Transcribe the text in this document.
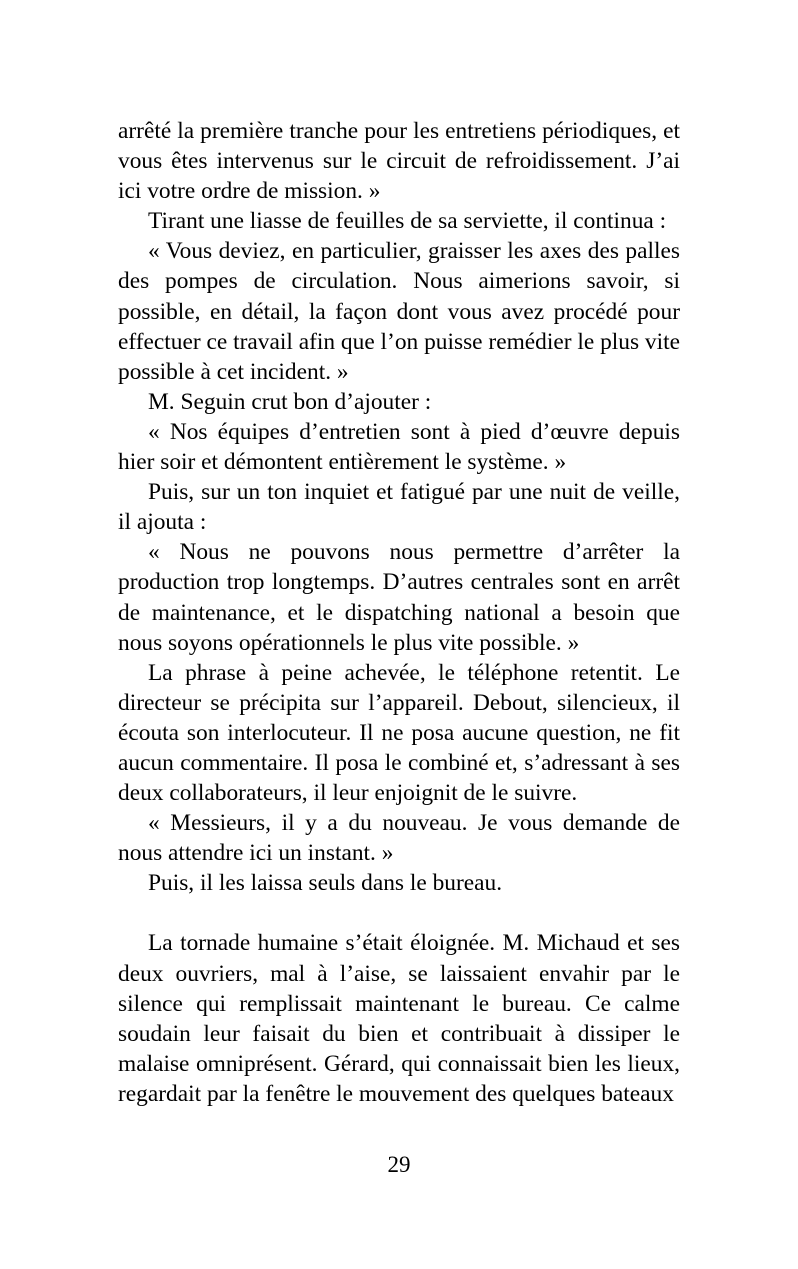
arrêté la première tranche pour les entretiens périodiques, et vous êtes intervenus sur le circuit de refroidissement. J’ai ici votre ordre de mission. »

Tirant une liasse de feuilles de sa serviette, il continua :

« Vous deviez, en particulier, graisser les axes des palles des pompes de circulation. Nous aimerions savoir, si possible, en détail, la façon dont vous avez procédé pour effectuer ce travail afin que l’on puisse remédier le plus vite possible à cet incident. »

M. Seguin crut bon d’ajouter :

« Nos équipes d’entretien sont à pied d’œuvre depuis hier soir et démontent entièrement le système. »

Puis, sur un ton inquiet et fatigué par une nuit de veille, il ajouta :

« Nous ne pouvons nous permettre d’arrêter la production trop longtemps. D’autres centrales sont en arrêt de maintenance, et le dispatching national a besoin que nous soyons opérationnels le plus vite possible. »

La phrase à peine achevée, le téléphone retentit. Le directeur se précipita sur l’appareil. Debout, silencieux, il écouta son interlocuteur. Il ne posa aucune question, ne fit aucun commentaire. Il posa le combiné et, s’adressant à ses deux collaborateurs, il leur enjoignit de le suivre.

« Messieurs, il y a du nouveau. Je vous demande de nous attendre ici un instant. »

Puis, il les laissa seuls dans le bureau.

La tornade humaine s’était éloignée. M. Michaud et ses deux ouvriers, mal à l’aise, se laissaient envahir par le silence qui remplissait maintenant le bureau. Ce calme soudain leur faisait du bien et contribuait à dissiper le malaise omniprésent. Gérard, qui connaissait bien les lieux, regardait par la fenêtre le mouvement des quelques bateaux

29
